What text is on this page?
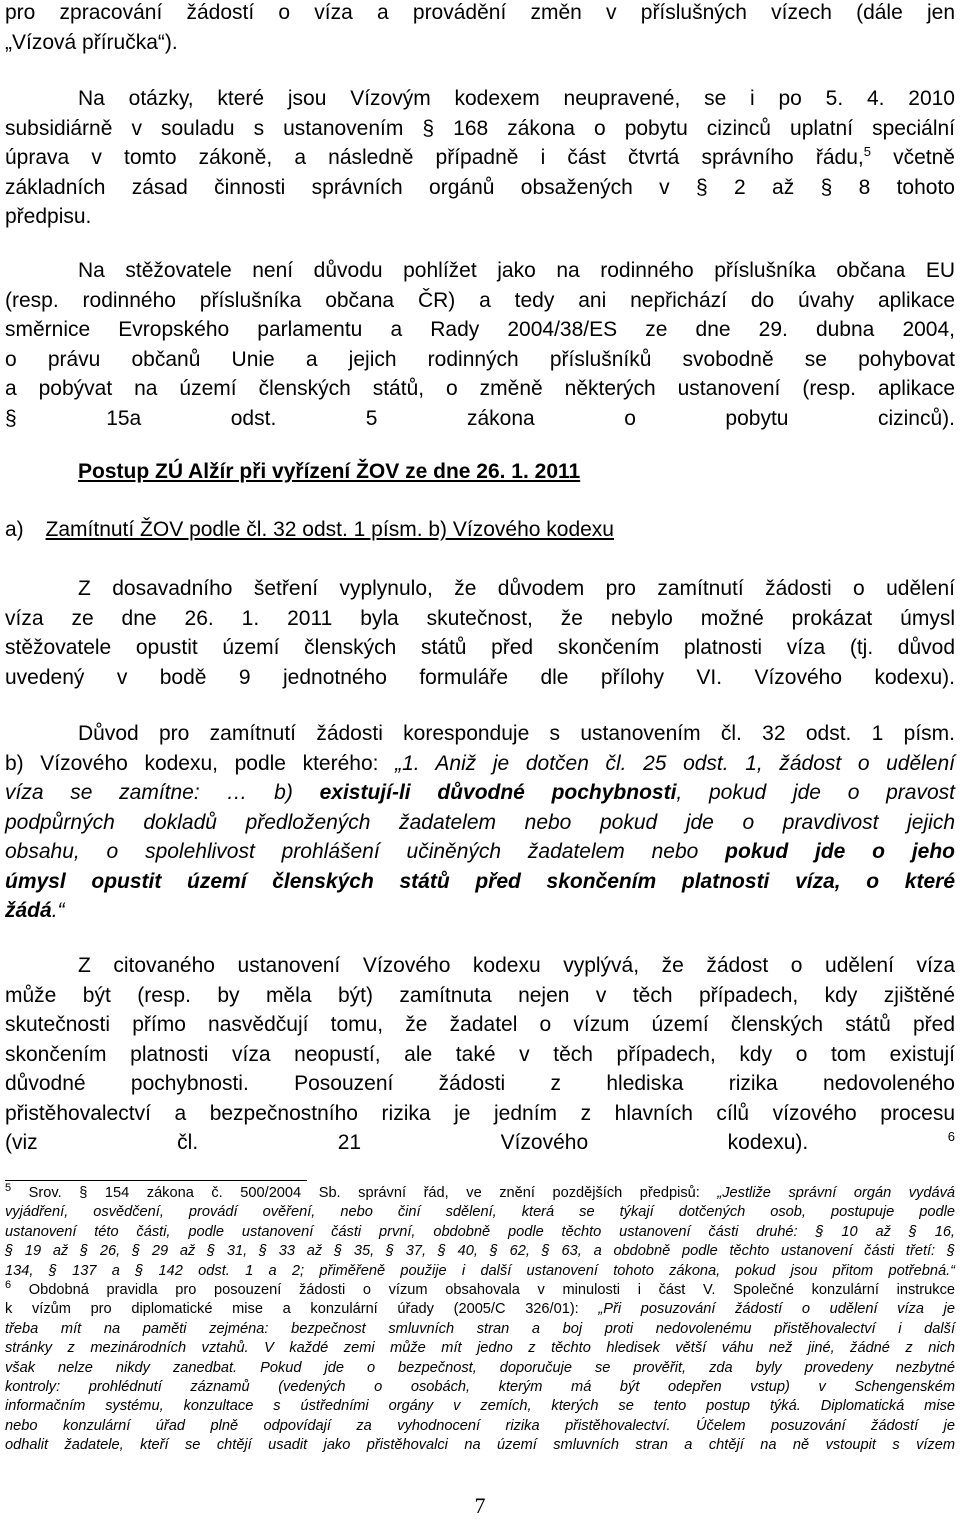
pro zpracování žádostí o víza a provádění změn v příslušných vízech (dále jen
„Vízová příručka“).

Na otázky, které jsou Vízovým kodexem neupravené, se i po 5. 4. 2010
subsidiárně v souladu s ustanovením § 168 zákona o pobytu cizinců uplatní speciální
úprava v tomto zákoně, a následně případně i část čtvrtá správního řádu,$^5$ včetně
základních zásad činnosti správních orgánů obsažených v § 2 až § 8 tohoto
předpisu.

Na stěžovatele není důvodu pohlížet jako na rodinného příslušníka občana EU
(resp. rodinného příslušníka občana ČR) a tedy ani nepřichází do úvahy aplikace
směrnice Evropského parlamentu a Rady 2004/38/ES ze dne 29. dubna 2004,
o právu občanů Unie a jejich rodinných příslušníků svobodně se pohybovat
a pobývat na území členských států, o změně některých ustanovení (resp. aplikace
§ 15a odst. 5 zákona o pobytu cizinců).

Postup ZÚ Alžír při vyřízení ŽOV ze dne 26. 1. 2011
a) Zamítnutí ŽOV podle čl. 32 odst. 1 písm. b) Vízového kodexu

Z dosavadního šetření vyplynulo, že důvodem pro zamítnutí žádosti o udělení
víza ze dne 26. 1. 2011 byla skutečnost, že nebylo možné prokázat úmysl
stěžovatele opustit území členských států před skončením platnosti víza (tj. důvod
uvedený v bodě 9 jednotného formuláře dle přílohy VI. Vízového kodexu).

Důvod pro zamítnutí žádosti koresponduje s ustanovením čl. 32 odst. 1 písm.
b) Vízového kodexu, podle kterého: „1. Aniž je dotčen čl. 25 odst. 1, žádost o udělení
víza se zamítne: … b) existují-li důvodné pochybnosti, pokud jde o pravost
podpůrných dokladů předložených žadatelem nebo pokud jde o pravdivost jejich
obsahu, o spolehlivost prohlášení učiněných žadatelem nebo pokud jde o jeho
úmysl opustit území členských států před skončením platnosti víza, o které
žádá.“

Z citovaného ustanovení Vízového kodexu vyplývá, že žádost o udělení víza
může být (resp. by měla být) zamítnuta nejen v těch případech, kdy zjištěné
skutečnosti přímo nasvědčují tomu, že žadatel o vízum území členských států před
skončením platnosti víza neopustí, ale také v těch případech, kdy o tom existují
důvodné pochybnosti. Posouzení žádosti z hlediska rizika nedovoleného
přistěhovalectví a bezpečnostního rizika je jedním z hlavních cílů vízového procesu
(viz čl. 21 Vízového kodexu).	$^6$

$^5$ Srov. § 154 zákona č. 500/2004 Sb. správní řád, ve znění pozdějších předpisů: „Jestliže správní orgán vydává
vyjádření, osvědčení, provádí ověření, nebo činí sdělení, která se týkají dotčených osob, postupuje podle
ustanovení této části, podle ustanovení části první, obdobně podle těchto ustanovení části druhé: § 10 až § 16,
§ 19 až § 26, § 29 až § 31, § 33 až § 35, § 37, § 40, § 62, § 63, a obdobně podle těchto ustanovení části třetí: §
134, § 137 a § 142 odst. 1 a 2; přiměřeně použije i další ustanovení tohoto zákona, pokud jsou přitom potřebná.“

$^6$ Obdobná pravidla pro posouzení žádosti o vízum obsahovala v minulosti i část V. Společné konzulární instrukce
k vízům pro diplomatické mise a konzulární úřady (2005/C 326/01): „Při posuzování žádostí o udělení víza je
třeba mít na paměti zejména: bezpečnost smluvních stran a boj proti nedovolenému přistěhovalectví i další
stránky z mezinárodních vztahů. V každé zemi může mít jedno z těchto hledisek větší váhu než jiné, žádné z nich
však nelze nikdy zanedbat. Pokud jde o bezpečnost, doporučuje se prověřit, zda byly provedeny nezbytné
kontroly: prohlédnutí záznamů (vedených o osobách, kterým má být odepřen vstup) v Schengenském
informačním systému, konzultace s ústředními orgány v zemích, kterých se tento postup týká. Diplomatická mise
nebo konzulární úřad plně odpovídají za vyhodnocení rizika přistěhovalectví. Účelem posuzování žádostí je
odhalit žadatele, kteří se chtějí usadit jako přistěhovalci na území smluvních stran a chtějí na ně vstoupit s vízem

7
